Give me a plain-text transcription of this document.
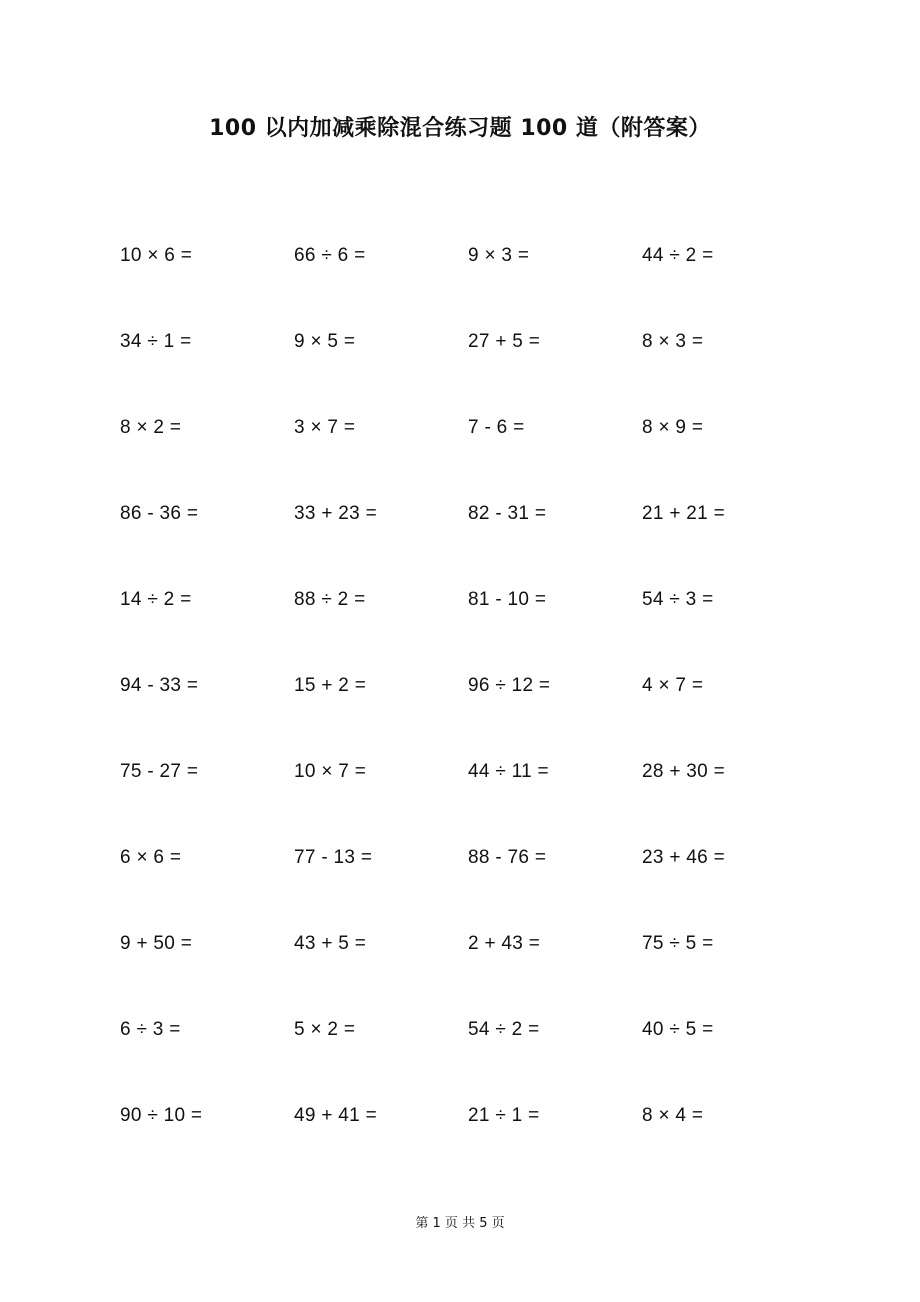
100 以内加减乘除混合练习题 100 道（附答案）
10 × 6 =	66 ÷ 6 =	9 × 3 =	44 ÷ 2 =
34 ÷ 1 =	9 × 5 =	27 + 5 =	8 × 3 =
8 × 2 =	3 × 7 =	7 - 6 =	8 × 9 =
86 - 36 =	33 + 23 =	82 - 31 =	21 + 21 =
14 ÷ 2 =	88 ÷ 2 =	81 - 10 =	54 ÷ 3 =
94 - 33 =	15 + 2 =	96 ÷ 12 =	4 × 7 =
75 - 27 =	10 × 7 =	44 ÷ 11 =	28 + 30 =
6 × 6 =	77 - 13 =	88 - 76 =	23 + 46 =
9 + 50 =	43 + 5 =	2 + 43 =	75 ÷ 5 =
6 ÷ 3 =	5 × 2 =	54 ÷ 2 =	40 ÷ 5 =
90 ÷ 10 =	49 + 41 =	21 ÷ 1 =	8 × 4 =
第 1 页 共 5 页
